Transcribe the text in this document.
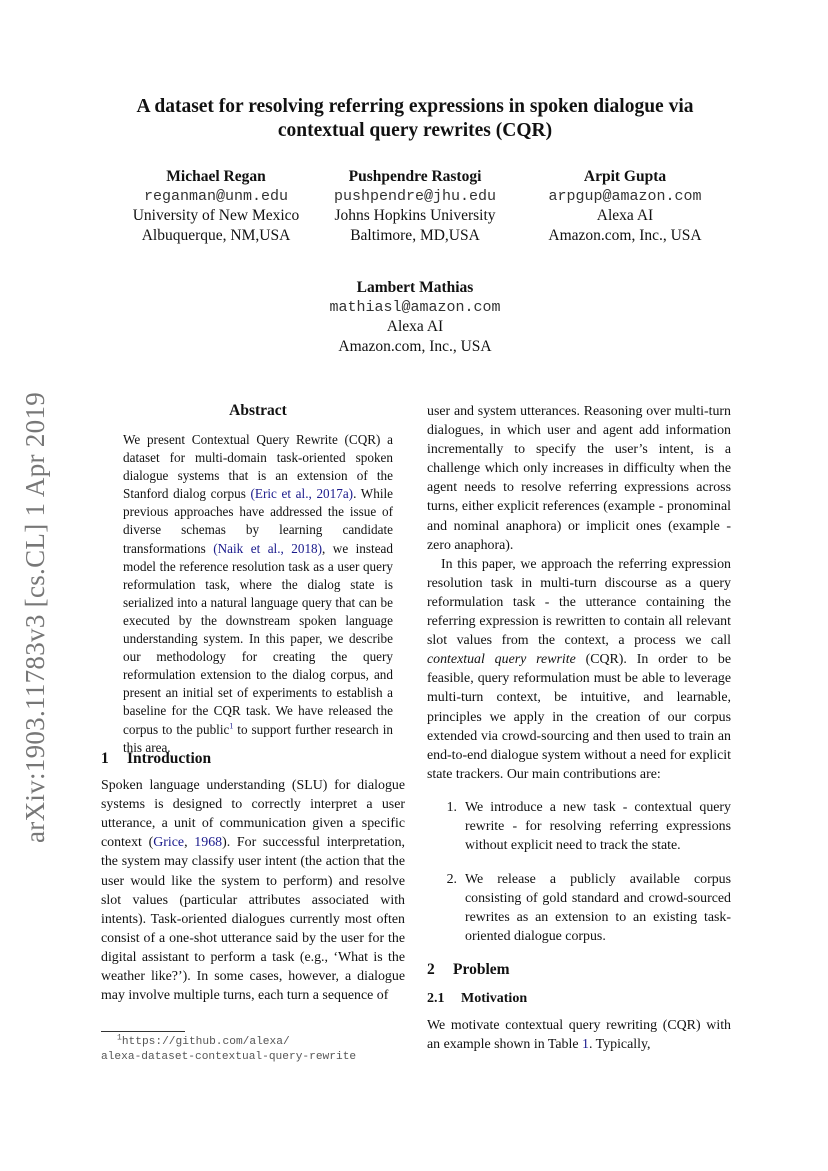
arXiv:1903.11783v3 [cs.CL] 1 Apr 2019
A dataset for resolving referring expressions in spoken dialogue via
contextual query rewrites (CQR)
Michael Regan
reganman@unm.edu
University of New Mexico
Albuquerque, NM,USA
Pushpendre Rastogi
pushpendre@jhu.edu
Johns Hopkins University
Baltimore, MD,USA
Arpit Gupta
arpgup@amazon.com
Alexa AI
Amazon.com, Inc., USA
Lambert Mathias
mathiasl@amazon.com
Alexa AI
Amazon.com, Inc., USA
Abstract
We present Contextual Query Rewrite (CQR) a dataset for multi-domain task-oriented spoken dialogue systems that is an extension of the Stanford dialog corpus (Eric et al., 2017a). While previous approaches have addressed the issue of diverse schemas by learning candidate transformations (Naik et al., 2018), we instead model the reference resolution task as a user query reformulation task, where the dialog state is serialized into a natural language query that can be executed by the downstream spoken language understanding system. In this paper, we describe our methodology for creating the query reformulation extension to the dialog corpus, and present an initial set of experiments to establish a baseline for the CQR task. We have released the corpus to the public$^1$ to support further research in this area.
1 Introduction

Spoken language understanding (SLU) for dialogue systems is designed to correctly interpret a user utterance, a unit of communication given a specific context (Grice, 1968). For successful interpretation, the system may classify user intent (the action that the user would like the system to perform) and resolve slot values (particular attributes associated with intents). Task-oriented dialogues currently most often consist of a one-shot utterance said by the user for the digital assistant to perform a task (e.g., ‘What is the weather like?’). In some cases, however, a dialogue may involve multiple turns, each turn a sequence of

$^1$https://github.com/alexa/
alexa-dataset-contextual-query-rewrite

user and system utterances. Reasoning over multi-turn dialogues, in which user and agent add information incrementally to specify the user’s intent, is a challenge which only increases in difficulty when the agent needs to resolve referring expressions across turns, either explicit references (example - pronominal and nominal anaphora) or implicit ones (example - zero anaphora).

In this paper, we approach the referring expression resolution task in multi-turn discourse as a query reformulation task - the utterance containing the referring expression is rewritten to contain all relevant slot values from the context, a process we call contextual query rewrite (CQR). In order to be feasible, query reformulation must be able to leverage multi-turn context, be intuitive, and learnable, principles we apply in the creation of our corpus extended via crowd-sourcing and then used to train an end-to-end dialogue system without a need for explicit state trackers. Our main contributions are:

1. We introduce a new task - contextual query rewrite - for resolving referring expressions without explicit need to track the state.
2. We release a publicly available corpus consisting of gold standard and crowd-sourced rewrites as an extension to an existing task-oriented dialogue corpus.
2 Problem
2.1 Motivation

We motivate contextual query rewriting (CQR) with an example shown in Table 1. Typically,
